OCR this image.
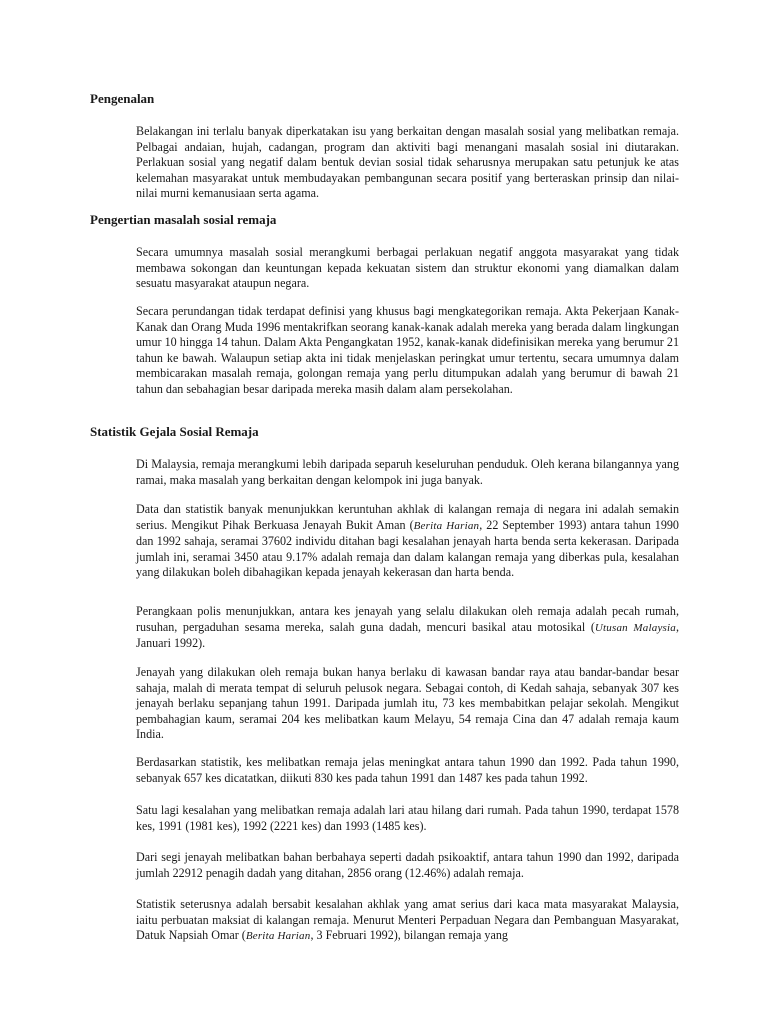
Pengenalan

Belakangan ini terlalu banyak diperkatakan isu yang berkaitan dengan masalah sosial yang melibatkan remaja. Pelbagai andaian, hujah, cadangan, program dan aktiviti bagi menangani masalah sosial ini diutarakan. Perlakuan sosial yang negatif dalam bentuk devian sosial tidak seharusnya merupakan satu petunjuk ke atas kelemahan masyarakat untuk membudayakan pembangunan secara positif yang berteraskan prinsip dan nilai-nilai murni kemanusiaan serta agama.

Pengertian masalah sosial remaja

Secara umumnya masalah sosial merangkumi berbagai perlakuan negatif anggota masyarakat yang tidak membawa sokongan dan keuntungan kepada kekuatan sistem dan struktur ekonomi yang diamalkan dalam sesuatu masyarakat ataupun negara.

Secara perundangan tidak terdapat definisi yang khusus bagi mengkategorikan remaja. Akta Pekerjaan Kanak-Kanak dan Orang Muda 1996 mentakrifkan seorang kanak-kanak adalah mereka yang berada dalam lingkungan umur 10 hingga 14 tahun. Dalam Akta Pengangkatan 1952, kanak-kanak didefinisikan mereka yang berumur 21 tahun ke bawah. Walaupun setiap akta ini tidak menjelaskan peringkat umur tertentu, secara umumnya dalam membicarakan masalah remaja, golongan remaja yang perlu ditumpukan adalah yang berumur di bawah 21 tahun dan sebahagian besar daripada mereka masih dalam alam persekolahan.

Statistik Gejala Sosial Remaja

Di Malaysia, remaja merangkumi lebih daripada separuh keseluruhan penduduk. Oleh kerana bilangannya yang ramai, maka masalah yang berkaitan dengan kelompok ini juga banyak.

Data dan statistik banyak menunjukkan keruntuhan akhlak di kalangan remaja di negara ini adalah semakin serius. Mengikut Pihak Berkuasa Jenayah Bukit Aman (Berita Harian, 22 September 1993) antara tahun 1990 dan 1992 sahaja, seramai 37602 individu ditahan bagi kesalahan jenayah harta benda serta kekerasan. Daripada jumlah ini, seramai 3450 atau 9.17% adalah remaja dan dalam kalangan remaja yang diberkas pula, kesalahan yang dilakukan boleh dibahagikan kepada jenayah kekerasan dan harta benda.

Perangkaan polis menunjukkan, antara kes jenayah yang selalu dilakukan oleh remaja adalah pecah rumah, rusuhan, pergaduhan sesama mereka, salah guna dadah, mencuri basikal atau motosikal (Utusan Malaysia, Januari 1992).

Jenayah yang dilakukan oleh remaja bukan hanya berlaku di kawasan bandar raya atau bandar-bandar besar sahaja, malah di merata tempat di seluruh pelusok negara. Sebagai contoh, di Kedah sahaja, sebanyak 307 kes jenayah berlaku sepanjang tahun 1991. Daripada jumlah itu, 73 kes membabitkan pelajar sekolah. Mengikut pembahagian kaum, seramai 204 kes melibatkan kaum Melayu, 54 remaja Cina dan 47 adalah remaja kaum India.

Berdasarkan statistik, kes melibatkan remaja jelas meningkat antara tahun 1990 dan 1992. Pada tahun 1990, sebanyak 657 kes dicatatkan, diikuti 830 kes pada tahun 1991 dan 1487 kes pada tahun 1992.

Satu lagi kesalahan yang melibatkan remaja adalah lari atau hilang dari rumah. Pada tahun 1990, terdapat 1578 kes, 1991 (1981 kes), 1992 (2221 kes) dan 1993 (1485 kes).

Dari segi jenayah melibatkan bahan berbahaya seperti dadah psikoaktif, antara tahun 1990 dan 1992, daripada jumlah 22912 penagih dadah yang ditahan, 2856 orang (12.46%) adalah remaja.

Statistik seterusnya adalah bersabit kesalahan akhlak yang amat serius dari kaca mata masyarakat Malaysia, iaitu perbuatan maksiat di kalangan remaja. Menurut Menteri Perpaduan Negara dan Pembanguan Masyarakat, Datuk Napsiah Omar (Berita Harian, 3 Februari 1992), bilangan remaja yang
